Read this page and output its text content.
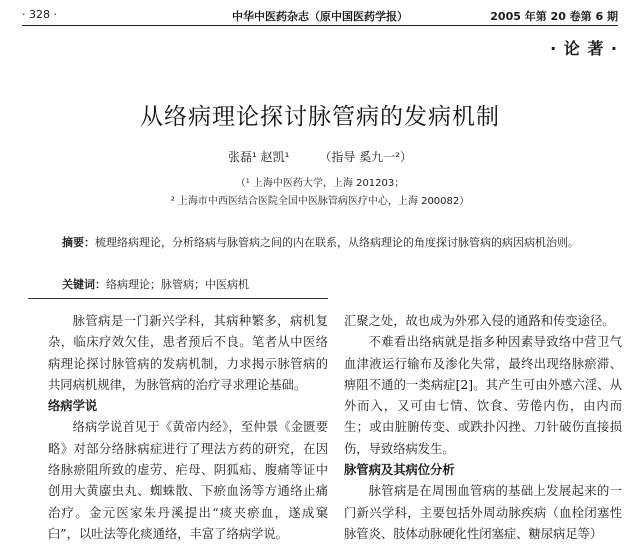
· 328 ·	中华中医药杂志（原中国医药学报）	2005 年第 20 卷第 6 期
· 论 著 ·
从络病理论探讨脉管病的发病机制
张磊¹ 赵凯¹ （指导 奚九一²）
（¹ 上海中医药大学，上海 201203；
² 上海市中西医结合医院全国中医脉管病医疗中心，上海 200082）
摘要：梳理络病理论，分析络病与脉管病之间的内在联系，从络病理论的角度探讨脉管病的病因病机治则。
关键词：络病理论；脉管病；中医病机

脉管病是一门新兴学科，其病种繁多，病机复杂，临床疗效欠佳，患者预后不良。笔者从中医络病理论探讨脉管病的发病机制，力求揭示脉管病的共同病机规律，为脉管病的治疗寻求理论基础。

络病学说

络病学说首见于《黄帝内经》，至仲景《金匮要略》对部分络脉病症进行了理法方药的研究，在因络脉瘀阻所致的虚劳、疟母、阴狐疝、腹痛等证中创用大黄䗪虫丸、蜘蛛散、下瘀血汤等方通络止痛治疗。金元医家朱丹溪提出“痰夹瘀血，遂成窠臼”，以吐法等化痰通络，丰富了络病学说。

汇聚之处，故也成为外邪入侵的通路和传变途径。

不难看出络病就是指多种因素导致络中营卫气血津液运行输布及渗化失常，最终出现络脉瘀滞、痹阻不通的一类病症[2]。其产生可由外感六淫、从外而入，又可由七情、饮食、劳倦内伤，由内而生；或由脏腑传变、或跌扑闪挫、刀针破伤直接损伤，导致络病发生。

脉管病及其病位分析

脉管病是在周围血管病的基础上发展起来的一门新兴学科，主要包括外周动脉疾病（血栓闭塞性脉管炎、肢体动脉硬化性闭塞症、糖尿病足等）
